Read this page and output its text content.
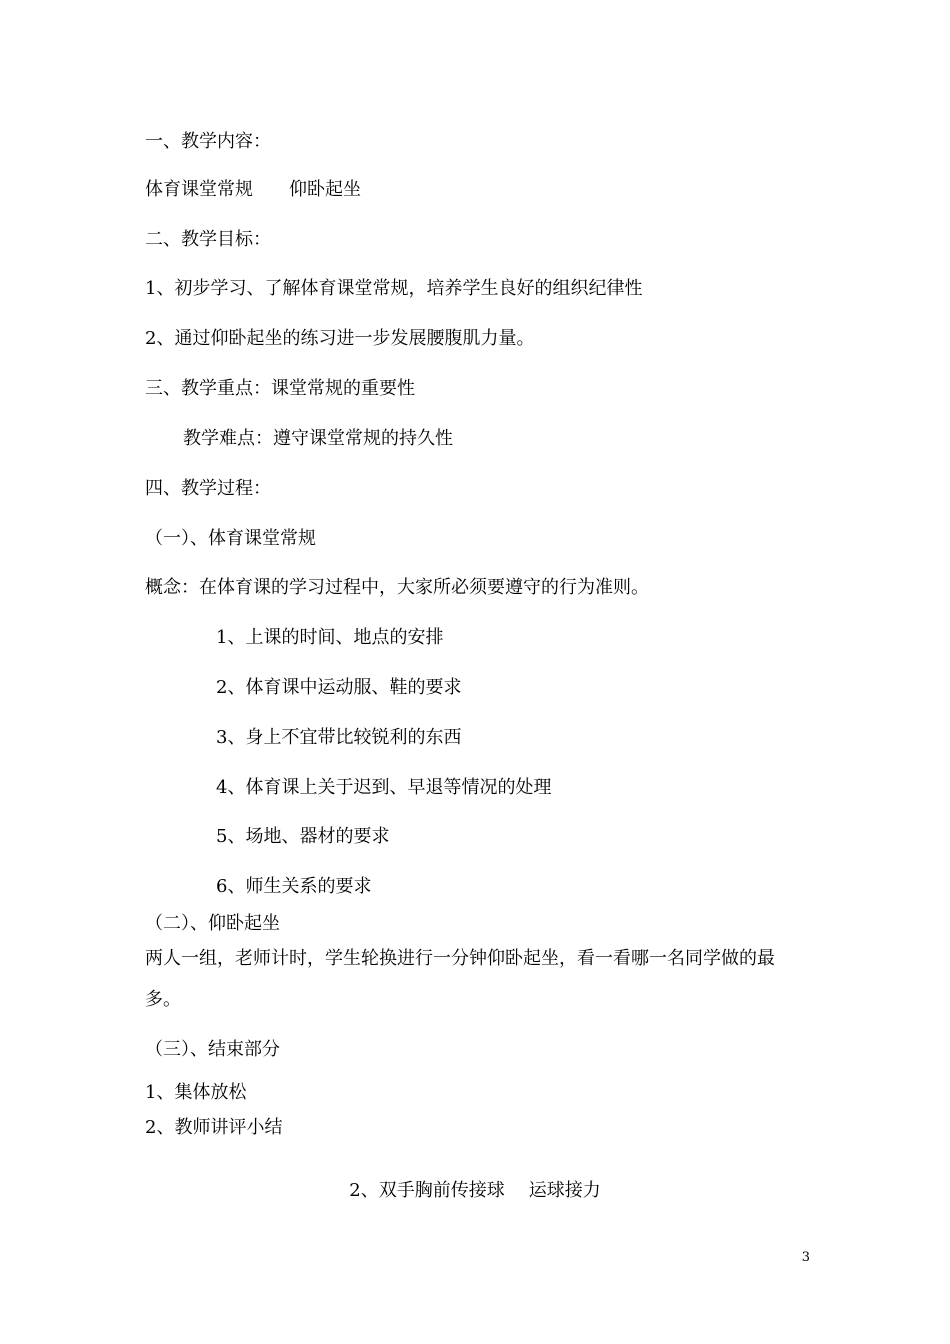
一、教学内容：
体育课堂常规 仰卧起坐
二、教学目标：
1、初步学习、了解体育课堂常规，培养学生良好的组织纪律性
2、通过仰卧起坐的练习进一步发展腰腹肌力量。
三、教学重点：课堂常规的重要性
教学难点：遵守课堂常规的持久性
四、教学过程：
（一）、体育课堂常规
概念：在体育课的学习过程中，大家所必须要遵守的行为准则。
1、上课的时间、地点的安排
2、体育课中运动服、鞋的要求
3、身上不宜带比较锐利的东西
4、体育课上关于迟到、早退等情况的处理
5、场地、器材的要求
6、师生关系的要求
（二）、仰卧起坐
两人一组，老师计时，学生轮换进行一分钟仰卧起坐，看一看哪一名同学做的最
多。
（三）、结束部分
1、集体放松
2、教师讲评小结
2、双手胸前传接球 运球接力
3
